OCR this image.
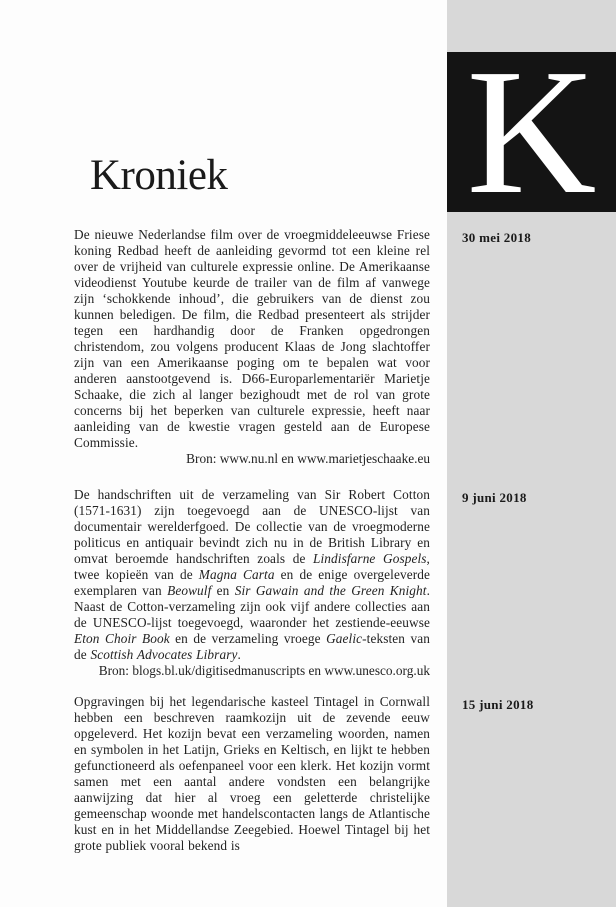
K
Kroniek

De nieuwe Nederlandse film over de vroegmiddeleeuwse Friese koning Redbad heeft de aanleiding gevormd tot een kleine rel over de vrijheid van culturele expressie online. De Amerikaanse videodienst Youtube keurde de trailer van de film af vanwege zijn ‘schokkende inhoud’, die gebruikers van de dienst zou kunnen beledigen. De film, die Redbad presenteert als strijder tegen een hardhandig door de Franken opgedrongen christendom, zou volgens producent Klaas de Jong slachtoffer zijn van een Amerikaanse poging om te bepalen wat voor anderen aanstootgevend is. D66-Europarlementariër Marietje Schaake, die zich al langer bezighoudt met de rol van grote concerns bij het beperken van culturele expressie, heeft naar aanleiding van de kwestie vragen gesteld aan de Europese Commissie.

Bron: www.nu.nl en www.marietjeschaake.eu

De handschriften uit de verzameling van Sir Robert Cotton (1571-1631) zijn toegevoegd aan de UNESCO-lijst van documentair werelderfgoed. De collectie van de vroegmoderne politicus en antiquair bevindt zich nu in de British Library en omvat beroemde handschriften zoals de Lindisfarne Gospels, twee kopieën van de Magna Carta en de enige overgeleverde exemplaren van Beowulf en Sir Gawain and the Green Knight. Naast de Cotton-verzameling zijn ook vijf andere collecties aan de UNESCO-lijst toegevoegd, waaronder het zestiende-eeuwse Eton Choir Book en de verzameling vroege Gaelic-teksten van de Scottish Advocates Library.

Bron: blogs.bl.uk/digitisedmanuscripts en www.unesco.org.uk

Opgravingen bij het legendarische kasteel Tintagel in Cornwall hebben een beschreven raamkozijn uit de zevende eeuw opgeleverd. Het kozijn bevat een verzameling woorden, namen en symbolen in het Latijn, Grieks en Keltisch, en lijkt te hebben gefunctioneerd als oefenpaneel voor een klerk. Het kozijn vormt samen met een aantal andere vondsten een belangrijke aanwijzing dat hier al vroeg een geletterde christelijke gemeenschap woonde met handelscontacten langs de Atlantische kust en in het Middellandse Zeegebied. Hoewel Tintagel bij het grote publiek vooral bekend is

30 mei 2018
9 juni 2018
15 juni 2018
